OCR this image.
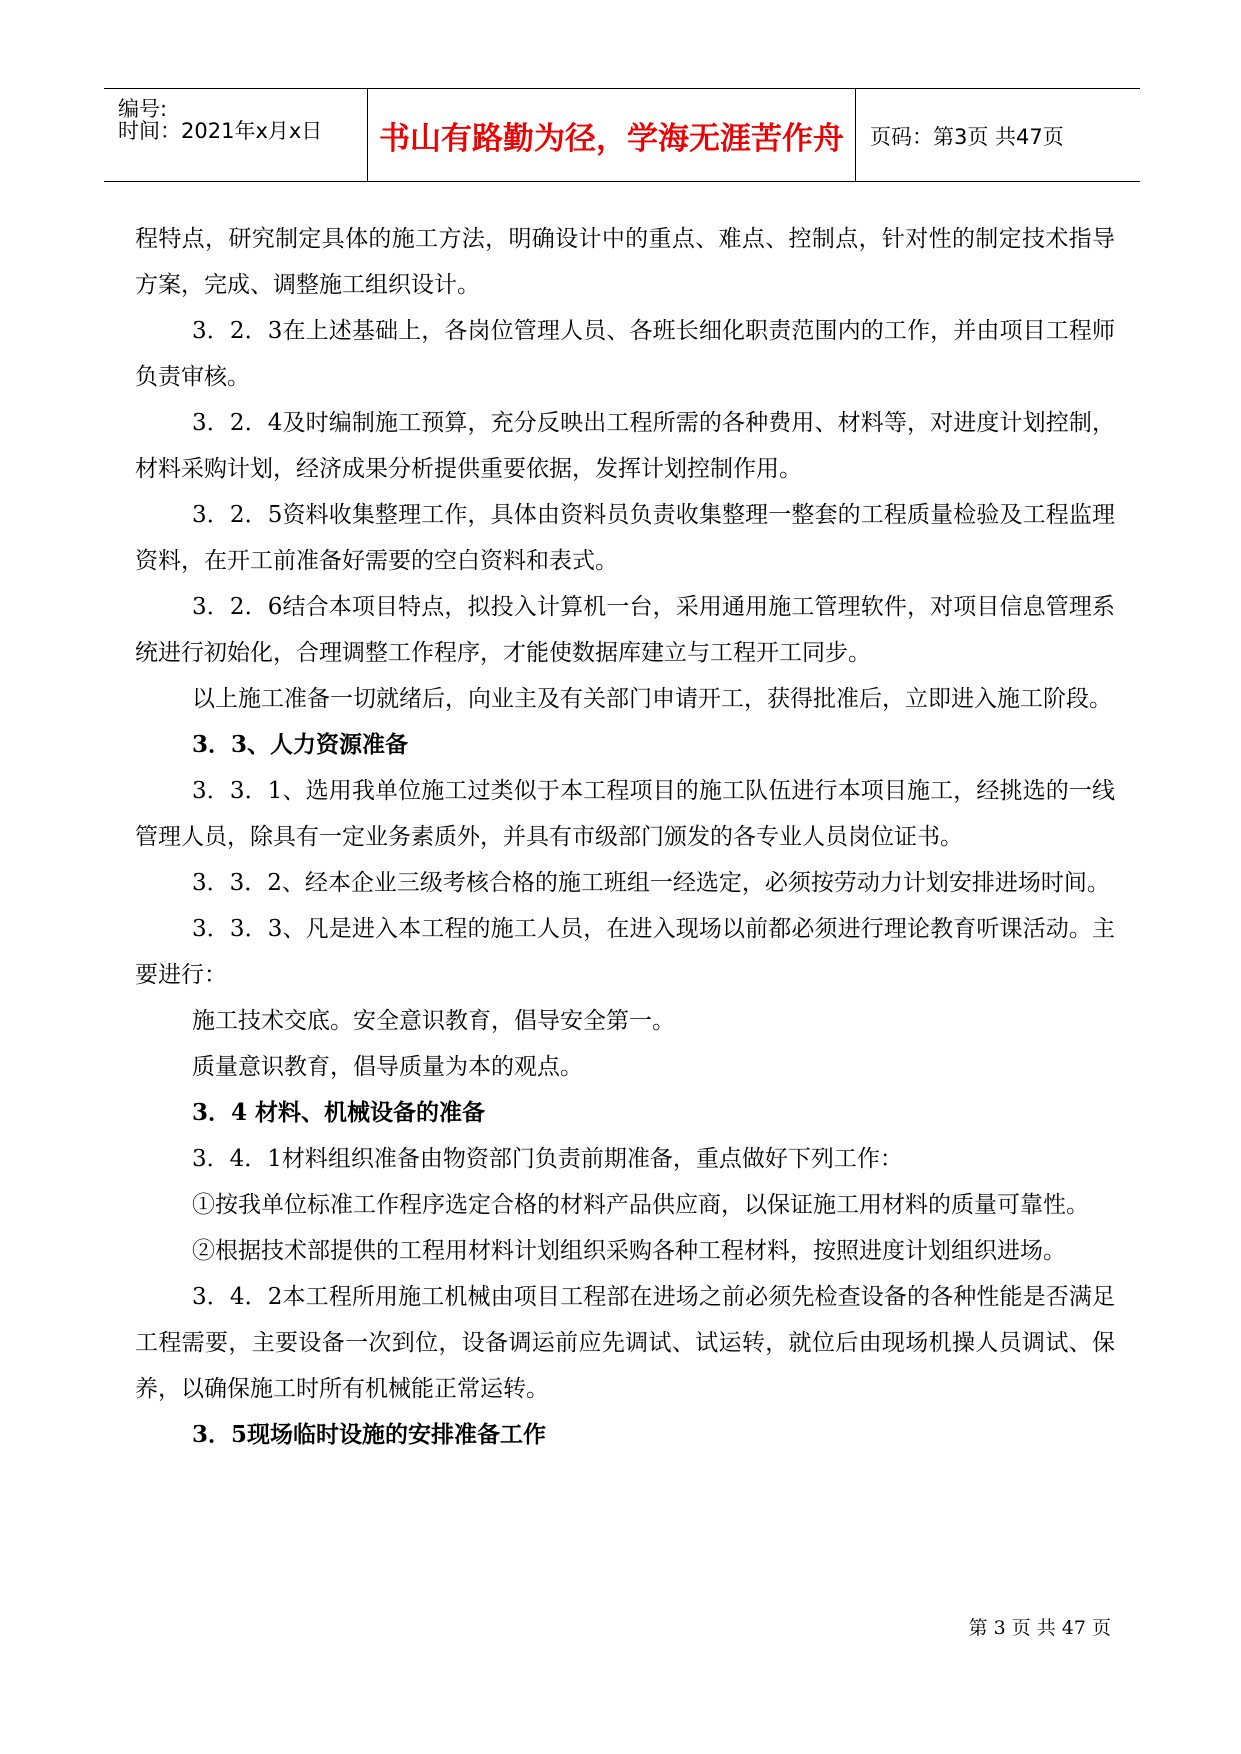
编号:
时间：2021年x月x日	书山有路勤为径，学海无涯苦作舟	页码：第3页 共47页

程特点，研究制定具体的施工方法，明确设计中的重点、难点、控制点，针对性的制定技术指导方案，完成、调整施工组织设计。

3．2．3在上述基础上，各岗位管理人员、各班长细化职责范围内的工作，并由项目工程师负责审核。

3．2．4及时编制施工预算，充分反映出工程所需的各种费用、材料等，对进度计划控制，材料采购计划，经济成果分析提供重要依据，发挥计划控制作用。

3．2．5资料收集整理工作，具体由资料员负责收集整理一整套的工程质量检验及工程监理资料，在开工前准备好需要的空白资料和表式。

3．2．6结合本项目特点，拟投入计算机一台，采用通用施工管理软件，对项目信息管理系统进行初始化，合理调整工作程序，才能使数据库建立与工程开工同步。

以上施工准备一切就绪后，向业主及有关部门申请开工，获得批准后，立即进入施工阶段。

3．3、人力资源准备

3．3．1、选用我单位施工过类似于本工程项目的施工队伍进行本项目施工，经挑选的一线管理人员，除具有一定业务素质外，并具有市级部门颁发的各专业人员岗位证书。

3．3．2、经本企业三级考核合格的施工班组一经选定，必须按劳动力计划安排进场时间。

3．3．3、凡是进入本工程的施工人员，在进入现场以前都必须进行理论教育听课活动。主要进行：

施工技术交底。安全意识教育，倡导安全第一。

质量意识教育，倡导质量为本的观点。

3．4 材料、机械设备的准备

3．4．1材料组织准备由物资部门负责前期准备，重点做好下列工作：

①按我单位标准工作程序选定合格的材料产品供应商，以保证施工用材料的质量可靠性。

②根据技术部提供的工程用材料计划组织采购各种工程材料，按照进度计划组织进场。

3．4．2本工程所用施工机械由项目工程部在进场之前必须先检查设备的各种性能是否满足工程需要，主要设备一次到位，设备调运前应先调试、试运转，就位后由现场机操人员调试、保养，以确保施工时所有机械能正常运转。

3．5现场临时设施的安排准备工作

第 3 页 共 47 页
